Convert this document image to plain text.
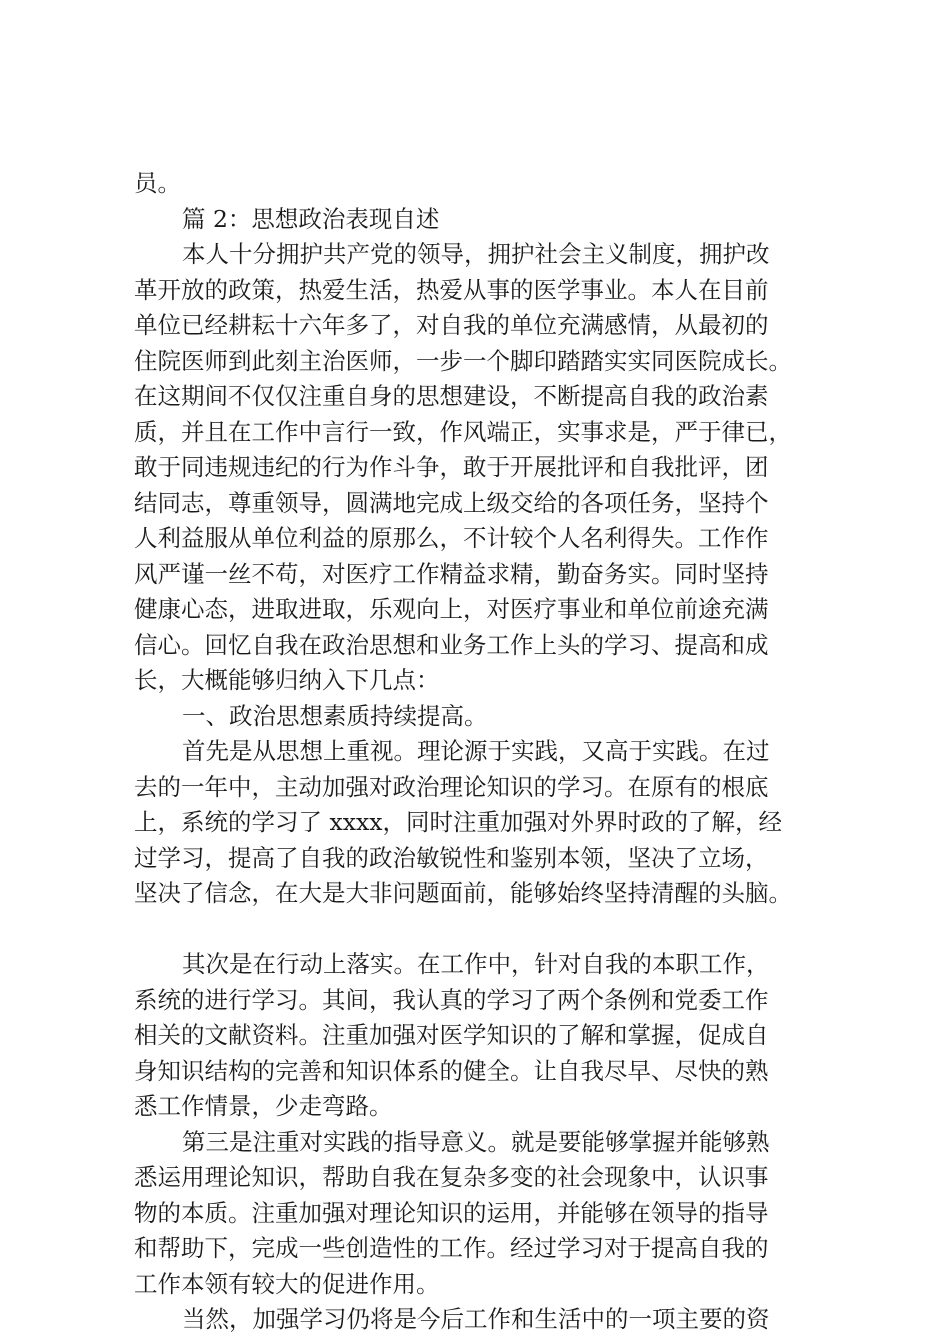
员。
篇 2：思想政治表现自述
本人十分拥护共产党的领导，拥护社会主义制度，拥护改
革开放的政策，热爱生活，热爱从事的医学事业。本人在目前
单位已经耕耘十六年多了，对自我的单位充满感情，从最初的
住院医师到此刻主治医师，一步一个脚印踏踏实实同医院成长。
在这期间不仅仅注重自身的思想建设，不断提高自我的政治素
质，并且在工作中言行一致，作风端正，实事求是，严于律已，
敢于同违规违纪的行为作斗争，敢于开展批评和自我批评，团
结同志，尊重领导，圆满地完成上级交给的各项任务，坚持个
人利益服从单位利益的原那么，不计较个人名利得失。工作作
风严谨一丝不苟，对医疗工作精益求精，勤奋务实。同时坚持
健康心态，进取进取，乐观向上，对医疗事业和单位前途充满
信心。回忆自我在政治思想和业务工作上头的学习、提高和成
长，大概能够归纳入下几点：
一、政治思想素质持续提高。
首先是从思想上重视。理论源于实践，又高于实践。在过
去的一年中，主动加强对政治理论知识的学习。在原有的根底
上，系统的学习了 xxxx，同时注重加强对外界时政的了解，经
过学习，提高了自我的政治敏锐性和鉴别本领，坚决了立场，
坚决了信念，在大是大非问题面前，能够始终坚持清醒的头脑。
其次是在行动上落实。在工作中，针对自我的本职工作，
系统的进行学习。其间，我认真的学习了两个条例和党委工作
相关的文献资料。注重加强对医学知识的了解和掌握，促成自
身知识结构的完善和知识体系的健全。让自我尽早、尽快的熟
悉工作情景，少走弯路。
第三是注重对实践的指导意义。就是要能够掌握并能够熟
悉运用理论知识，帮助自我在复杂多变的社会现象中，认识事
物的本质。注重加强对理论知识的运用，并能够在领导的指导
和帮助下，完成一些创造性的工作。经过学习对于提高自我的
工作本领有较大的促进作用。
当然，加强学习仍将是今后工作和生活中的一项主要的资
